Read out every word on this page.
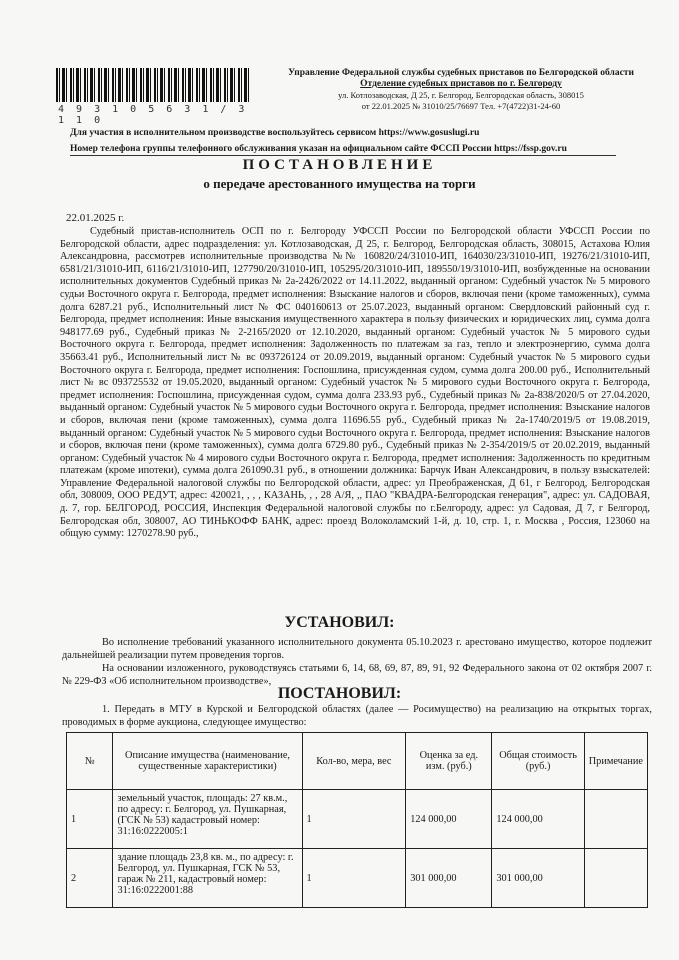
4 9 3 1 0 5 6 3 1 / 3 1 1 0
Управление Федеральной службы судебных приставов по Белгородской области
Отделение судебных приставов по г. Белгороду
ул. Котлозаводская, Д 25, г. Белгород, Белгородская область, 308015
от 22.01.2025 № 31010/25/76697 Тел. +7(4722)31-24-60
Для участия в исполнительном производстве воспользуйтесь сервисом https://www.gosuslugi.ru
Номер телефона группы телефонного обслуживания указан на официальном сайте ФССП России https://fssp.gov.ru
ПОСТАНОВЛЕНИЕ
о передаче арестованного имущества на торги
22.01.2025 г.

Судебный пристав-исполнитель ОСП по г. Белгороду УФССП России по Белгородской области УФССП России по Белгородской области, адрес подразделения: ул. Котлозаводская, Д 25, г. Белгород, Белгородская область, 308015, Астахова Юлия Александровна, рассмотрев исполнительные производства №№ 160820/24/31010-ИП, 164030/23/31010-ИП, 19276/21/31010-ИП, 6581/21/31010-ИП, 6116/21/31010-ИП, 127790/20/31010-ИП, 105295/20/31010-ИП, 189550/19/31010-ИП, возбужденные на основании исполнительных документов Судебный приказ № 2а-2426/2022 от 14.11.2022, выданный органом: Судебный участок № 5 мирового судьи Восточного округа г. Белгорода, предмет исполнения: Взыскание налогов и сборов, включая пени (кроме таможенных), сумма долга 6287.21 руб., Исполнительный лист № ФС 040160613 от 25.07.2023, выданный органом: Свердловский районный суд г. Белгорода, предмет исполнения: Иные взыскания имущественного характера в пользу физических и юридических лиц, сумма долга 948177.69 руб., Судебный приказ № 2-2165/2020 от 12.10.2020, выданный органом: Судебный участок № 5 мирового судьи Восточного округа г. Белгорода, предмет исполнения: Задолженность по платежам за газ, тепло и электроэнергию, сумма долга 35663.41 руб., Исполнительный лист № вс 093726124 от 20.09.2019, выданный органом: Судебный участок № 5 мирового судьи Восточного округа г. Белгорода, предмет исполнения: Госпошлина, присужденная судом, сумма долга 200.00 руб., Исполнительный лист № вс 093725532 от 19.05.2020, выданный органом: Судебный участок № 5 мирового судьи Восточного округа г. Белгорода, предмет исполнения: Госпошлина, присужденная судом, сумма долга 233.93 руб., Судебный приказ № 2а-838/2020/5 от 27.04.2020, выданный органом: Судебный участок № 5 мирового судьи Восточного округа г. Белгорода, предмет исполнения: Взыскание налогов и сборов, включая пени (кроме таможенных), сумма долга 11696.55 руб., Судебный приказ № 2а-1740/2019/5 от 19.08.2019, выданный органом: Судебный участок № 5 мирового судьи Восточного округа г. Белгорода, предмет исполнения: Взыскание налогов и сборов, включая пени (кроме таможенных), сумма долга 6729.80 руб., Судебный приказ № 2-354/2019/5 от 20.02.2019, выданный органом: Судебный участок № 4 мирового судьи Восточного округа г. Белгорода, предмет исполнения: Задолженность по кредитным платежам (кроме ипотеки), сумма долга 261090.31 руб., в отношении должника: Барчук Иван Александрович, в пользу взыскателей: Управление Федеральной налоговой службы по Белгородской области, адрес: ул Преображенская, Д 61, г Белгород, Белгородская обл, 308009, ООО РЕДУТ, адрес: 420021, , , , КАЗАНЬ, , , 28 А/Я, ,, ПАО "КВАДРА-Белгородская генерация", адрес: ул. САДОВАЯ, д. 7, гор. БЕЛГОРОД, РОССИЯ, Инспекция Федеральной налоговой службы по г.Белгороду, адрес: ул Садовая, Д 7, г Белгород, Белгородская обл, 308007, АО ТИНЬКОФФ БАНК, адрес: проезд Волоколамский 1-й, д. 10, стр. 1, г. Москва , Россия, 123060 на общую сумму: 1270278.90 руб.,

УСТАНОВИЛ:

Во исполнение требований указанного исполнительного документа 05.10.2023 г. арестовано имущество, которое подлежит дальнейшей реализации путем проведения торгов.

На основании изложенного, руководствуясь статьями 6, 14, 68, 69, 87, 89, 91, 92 Федерального закона от 02 октября 2007 г. № 229-ФЗ «Об исполнительном производстве»,

ПОСТАНОВИЛ:

1. Передать в МТУ в Курской и Белгородской областях (далее — Росимущество) на реализацию на открытых торгах, проводимых в форме аукциона, следующее имущество:

№	Описание имущества (наименование, существенные характеристики)	Кол-во, мера, вес	Оценка за ед. изм. (руб.)	Общая стоимость (руб.)	Примечание
1	земельный участок, площадь: 27 кв.м., по адресу: г. Белгород, ул. Пушкарная, (ГСК № 53) кадастровый номер: 31:16:0222005:1	1	124 000,00	124 000,00	
2	здание площадь 23,8 кв. м., по адресу: г. Белгород, ул. Пушкарная, ГСК № 53, гараж № 211, кадастровый номер: 31:16:0222001:88	1	301 000,00	301 000,00	
